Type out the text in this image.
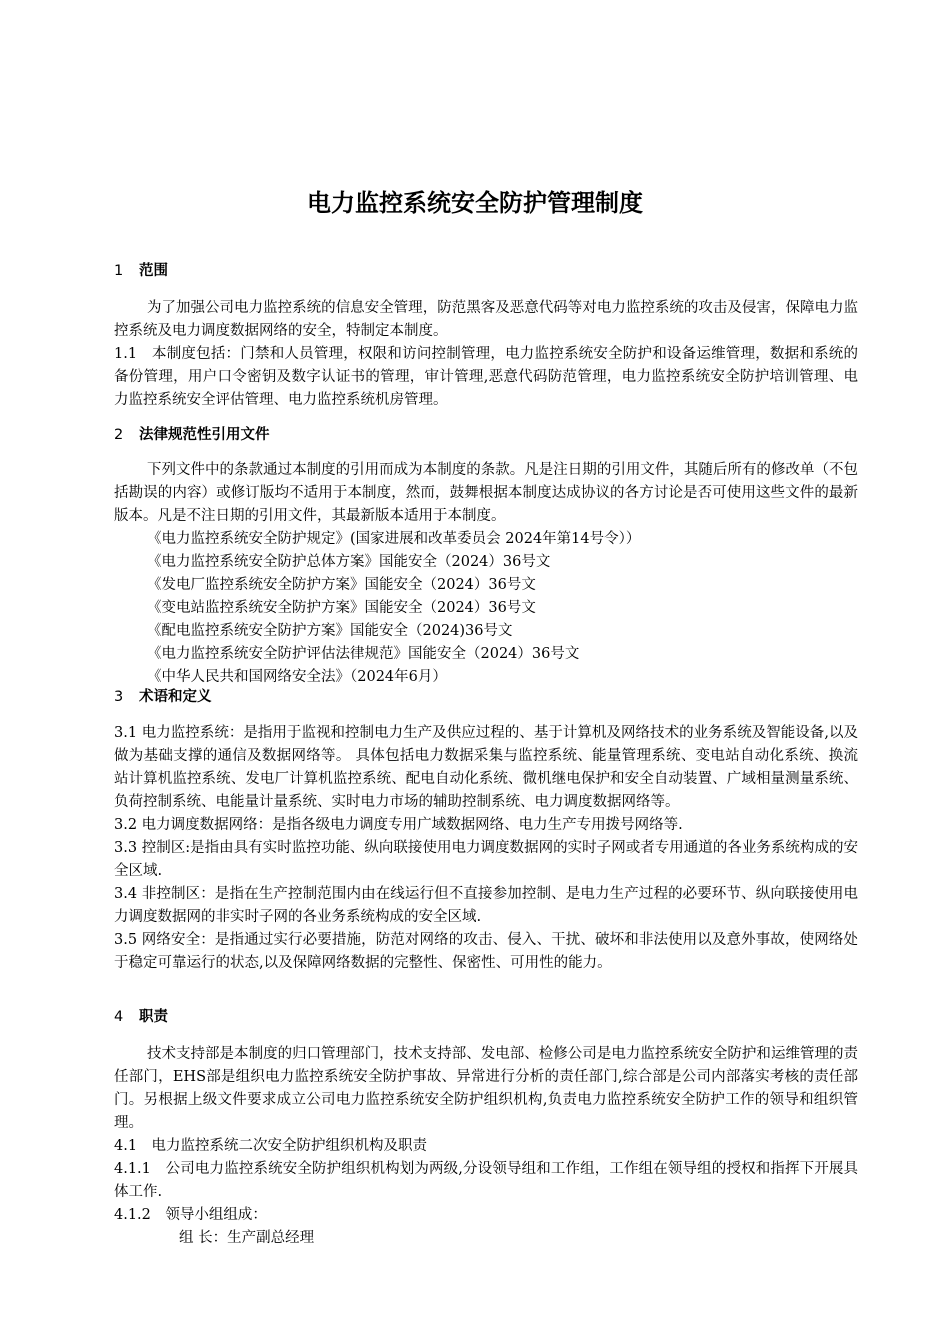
电力监控系统安全防护管理制度
1 范围

为了加强公司电力监控系统的信息安全管理，防范黑客及恶意代码等对电力监控系统的攻击及侵害，保障电力监控系统及电力调度数据网络的安全，特制定本制度。

1.1　本制度包括：门禁和人员管理，权限和访问控制管理，电力监控系统安全防护和设备运维管理，数据和系统的备份管理，用户口令密钥及数字认证书的管理，审计管理,恶意代码防范管理，电力监控系统安全防护培训管理、电力监控系统安全评估管理、电力监控系统机房管理。

2 法律规范性引用文件

下列文件中的条款通过本制度的引用而成为本制度的条款。凡是注日期的引用文件，其随后所有的修改单（不包括勘误的内容）或修订版均不适用于本制度，然而，鼓舞根据本制度达成协议的各方讨论是否可使用这些文件的最新版本。凡是不注日期的引用文件，其最新版本适用于本制度。

《电力监控系统安全防护规定》(国家进展和改革委员会 2024年第14号令））

《电力监控系统安全防护总体方案》国能安全（2024）36号文

《发电厂监控系统安全防护方案》国能安全（2024）36号文

《变电站监控系统安全防护方案》国能安全（2024）36号文

《配电监控系统安全防护方案》国能安全（2024)36号文

《电力监控系统安全防护评估法律规范》国能安全（2024）36号文

《中华人民共和国网络安全法》（2024年6月）

3 术语和定义

3.1 电力监控系统：是指用于监视和控制电力生产及供应过程的、基于计算机及网络技术的业务系统及智能设备,以及做为基础支撑的通信及数据网络等。 具体包括电力数据采集与监控系统、能量管理系统、变电站自动化系统、换流站计算机监控系统、发电厂计算机监控系统、配电自动化系统、微机继电保护和安全自动装置、广域相量测量系统、负荷控制系统、电能量计量系统、实时电力市场的辅助控制系统、电力调度数据网络等。

3.2 电力调度数据网络：是指各级电力调度专用广域数据网络、电力生产专用拨号网络等.

3.3 控制区:是指由具有实时监控功能、纵向联接使用电力调度数据网的实时子网或者专用通道的各业务系统构成的安全区域.

3.4 非控制区：是指在生产控制范围内由在线运行但不直接参加控制、是电力生产过程的必要环节、纵向联接使用电力调度数据网的非实时子网的各业务系统构成的安全区域.

3.5 网络安全：是指通过实行必要措施，防范对网络的攻击、侵入、干扰、破坏和非法使用以及意外事故，使网络处于稳定可靠运行的状态,以及保障网络数据的完整性、保密性、可用性的能力。

4 职责

技术支持部是本制度的归口管理部门，技术支持部、发电部、检修公司是电力监控系统安全防护和运维管理的责任部门，EHS部是组织电力监控系统安全防护事故、异常进行分析的责任部门,综合部是公司内部落实考核的责任部门。另根据上级文件要求成立公司电力监控系统安全防护组织机构,负责电力监控系统安全防护工作的领导和组织管理。

4.1　电力监控系统二次安全防护组织机构及职责

4.1.1　公司电力监控系统安全防护组织机构划为两级,分设领导组和工作组，工作组在领导组的授权和指挥下开展具体工作.

4.1.2　领导小组组成：

组 长：生产副总经理
